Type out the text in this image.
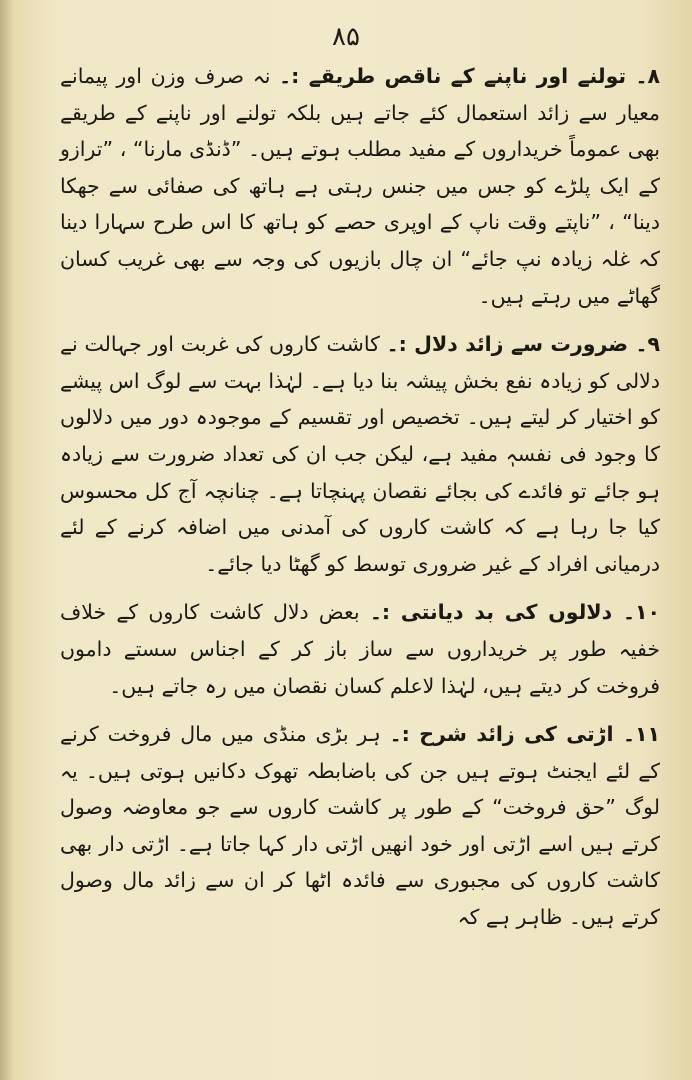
۸۵

۸۔ تولنے اور ناپنے کے ناقص طریقے :۔ نہ صرف وزن اور پیمانے معیار سے زائد استعمال کئے جاتے ہیں بلکہ تولنے اور ناپنے کے طریقے بھی عموماً خریداروں کے مفید مطلب ہوتے ہیں۔ ”ڈنڈی مارنا“ ، ”ترازو کے ایک پلڑے کو جس میں جنس رہتی ہے ہاتھ کی صفائی سے جھکا دینا“ ، ”ناپتے وقت ناپ کے اوپری حصے کو ہاتھ کا اس طرح سہارا دینا کہ غلہ زیادہ نپ جائے“ ان چال بازیوں کی وجہ سے بھی غریب کسان گھاٹے میں رہتے ہیں۔

۹۔ ضرورت سے زائد دلال :۔ کاشت کاروں کی غربت اور جہالت نے دلالی کو زیادہ نفع بخش پیشہ بنا دیا ہے۔ لہٰذا بہت سے لوگ اس پیشے کو اختیار کر لیتے ہیں۔ تخصیص اور تقسیم کے موجودہ دور میں دلالوں کا وجود فی نفسہٖ مفید ہے، لیکن جب ان کی تعداد ضرورت سے زیادہ ہو جائے تو فائدے کی بجائے نقصان پہنچاتا ہے۔ چنانچہ آج کل محسوس کیا جا رہا ہے کہ کاشت کاروں کی آمدنی میں اضافہ کرنے کے لئے درمیانی افراد کے غیر ضروری توسط کو گھٹا دیا جائے۔

۱۰۔ دلالوں کی بد دیانتی :۔ بعض دلال کاشت کاروں کے خلاف خفیہ طور پر خریداروں سے ساز باز کر کے اجناس سستے داموں فروخت کر دیتے ہیں، لہٰذا لاعلم کسان نقصان میں رہ جاتے ہیں۔

۱۱۔ اڑتی کی زائد شرح :۔ ہر بڑی منڈی میں مال فروخت کرنے کے لئے ایجنٹ ہوتے ہیں جن کی باضابطہ تھوک دکانیں ہوتی ہیں۔ یہ لوگ ”حق فروخت“ کے طور پر کاشت کاروں سے جو معاوضہ وصول کرتے ہیں اسے اڑتی اور خود انھیں اڑتی دار کہا جاتا ہے۔ اڑتی دار بھی کاشت کاروں کی مجبوری سے فائدہ اٹھا کر ان سے زائد مال وصول کرتے ہیں۔ ظاہر ہے کہ
